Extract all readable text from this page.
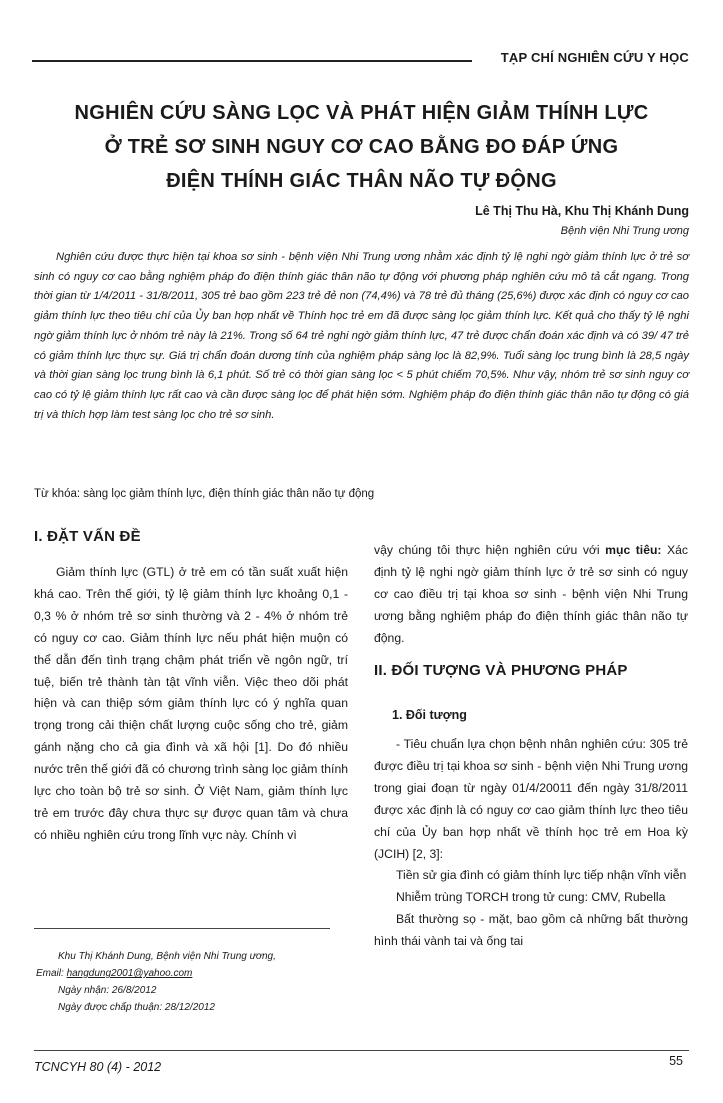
TẠP CHÍ NGHIÊN CỨU Y HỌC
NGHIÊN CỨU SÀNG LỌC VÀ PHÁT HIỆN GIẢM THÍNH LỰC
Ở TRẺ SƠ SINH NGUY CƠ CAO BẰNG ĐO ĐÁP ỨNG
ĐIỆN THÍNH GIÁC THÂN NÃO TỰ ĐỘNG
Lê Thị Thu Hà, Khu Thị Khánh Dung
Bệnh viện Nhi Trung ương
Nghiên cứu được thực hiện tại khoa sơ sinh - bệnh viện Nhi Trung ương nhằm xác định tỷ lệ nghi ngờ giảm thính lực ở trẻ sơ sinh có nguy cơ cao bằng nghiệm pháp đo điện thính giác thân não tự động với phương pháp nghiên cứu mô tả cắt ngang. Trong thời gian từ 1/4/2011 - 31/8/2011, 305 trẻ bao gồm 223 trẻ đẻ non (74,4%) và 78 trẻ đủ tháng (25,6%) được xác định có nguy cơ cao giảm thính lực theo tiêu chí của Ủy ban hợp nhất về Thính học trẻ em đã được sàng lọc giảm thính lực. Kết quả cho thấy tỷ lệ nghi ngờ giảm thính lực ở nhóm trẻ này là 21%. Trong số 64 trẻ nghi ngờ giảm thính lực, 47 trẻ được chẩn đoán xác định và có 39/ 47 trẻ có giảm thính lực thực sự. Giá trị chẩn đoán dương tính của nghiệm pháp sàng lọc là 82,9%. Tuổi sàng lọc trung bình là 28,5 ngày và thời gian sàng lọc trung bình là 6,1 phút. Số trẻ có thời gian sàng lọc < 5 phút chiếm 70,5%. Như vậy, nhóm trẻ sơ sinh nguy cơ cao có tỷ lệ giảm thính lực rất cao và cần được sàng lọc để phát hiện sớm. Nghiệm pháp đo điện thính giác thân não tự động có giá trị và thích hợp làm test sàng lọc cho trẻ sơ sinh.
Từ khóa: sàng lọc giảm thính lực, điện thính giác thân não tự động
I. ĐẶT VẤN ĐỀ

Giảm thính lực (GTL) ở trẻ em có tần suất xuất hiện khá cao. Trên thế giới, tỷ lệ giảm thính lực khoảng 0,1 - 0,3 % ở nhóm trẻ sơ sinh thường và 2 - 4% ở nhóm trẻ có nguy cơ cao. Giảm thính lực nếu phát hiện muộn có thể dẫn đến tình trạng chậm phát triển về ngôn ngữ, trí tuệ, biến trẻ thành tàn tật vĩnh viễn. Việc theo dõi phát hiện và can thiệp sớm giảm thính lực có ý nghĩa quan trọng trong cải thiện chất lượng cuộc sống cho trẻ, giảm gánh nặng cho cả gia đình và xã hội [1]. Do đó nhiều nước trên thế giới đã có chương trình sàng lọc giảm thính lực cho toàn bộ trẻ sơ sinh. Ở Việt Nam, giảm thính lực trẻ em trước đây chưa thực sự được quan tâm và chưa có nhiều nghiên cứu trong lĩnh vực này. Chính vì

vậy chúng tôi thực hiện nghiên cứu với mục tiêu: Xác định tỷ lệ nghi ngờ giảm thính lực ở trẻ sơ sinh có nguy cơ cao điều trị tại khoa sơ sinh - bệnh viện Nhi Trung ương bằng nghiệm pháp đo điện thính giác thân não tự động.

II. ĐỐI TƯỢNG VÀ PHƯƠNG PHÁP
1. Đối tượng

- Tiêu chuẩn lựa chọn bệnh nhân nghiên cứu: 305 trẻ được điều trị tại khoa sơ sinh - bệnh viện Nhi Trung ương trong giai đoạn từ ngày 01/4/20011 đến ngày 31/8/2011 được xác định là có nguy cơ cao giảm thính lực theo tiêu chí của Ủy ban hợp nhất về thính học trẻ em Hoa kỳ (JCIH) [2, 3]:

Tiền sử gia đình có giảm thính lực tiếp nhận vĩnh viễn

Nhiễm trùng TORCH trong tử cung: CMV, Rubella

Bất thường sọ - mặt, bao gồm cả những bất thường hình thái vành tai và ống tai

Khu Thị Khánh Dung, Bệnh viện Nhi Trung ương,
Email: hangdung2001@yahoo.com
Ngày nhận: 26/8/2012
Ngày được chấp thuận: 28/12/2012
TCNCYH 80 (4) - 2012	55
